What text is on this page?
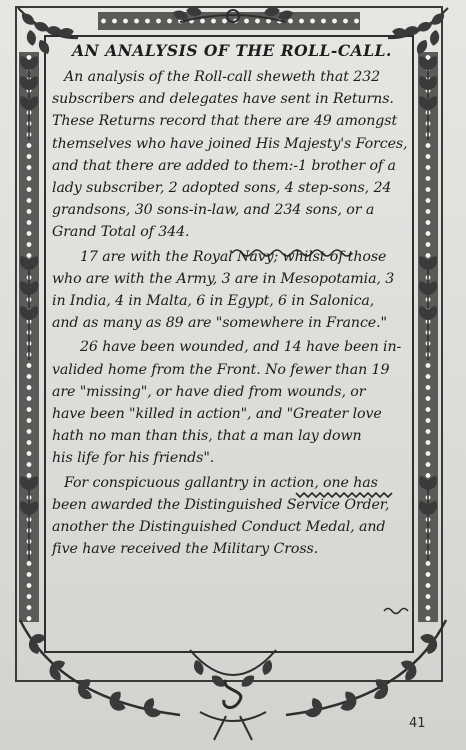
AN ANALYSIS OF THE ROLL-CALL.
An analysis of the Roll-call sheweth that 232
subscribers and delegates have sent in Returns.
These Returns record that there are 49 amongst
themselves who have joined His Majesty's Forces,
and that there are added to them:-1 brother of a
lady subscriber, 2 adopted sons, 4 step-sons, 24
grandsons, 30 sons-in-law, and 234 sons, or a
Grand Total of 344.
17 are with the Royal Navy; whilst of those
who are with the Army, 3 are in Mesopotamia, 3
in India, 4 in Malta, 6 in Egypt, 6 in Salonica,
and as many as 89 are "somewhere in France."
26 have been wounded, and 14 have been in-
valided home from the Front. No fewer than 19
are "missing", or have died from wounds, or
have been "killed in action", and "Greater love
hath no man than this, that a man lay down
his life for his friends".
For conspicuous gallantry in action, one has
been awarded the Distinguished Service Order,
another the Distinguished Conduct Medal, and
five have received the Military Cross.
41
